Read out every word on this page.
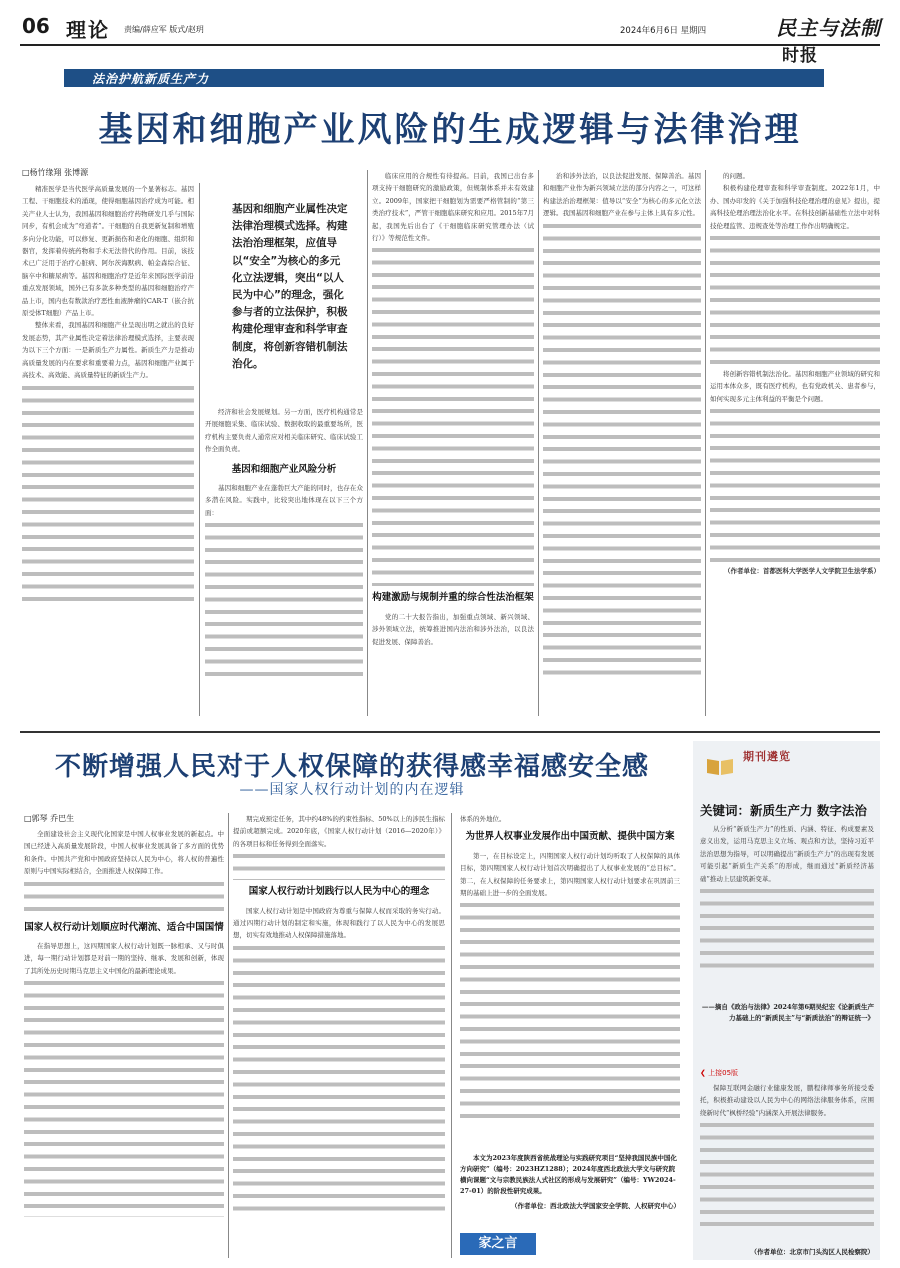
06 理论 责编/薛应军 版式/赵玥	2024年6月6日 星期四	民主与法制时报
法治护航新质生产力
基因和细胞产业风险的生成逻辑与法律治理
□杨竹缘翔 张博源

精准医学是当代医学高质量发展的一个显著标志。基因工程、干细胞技术的涌现，使得细胞基因治疗成为可能。相关产业人士认为，我国基因和细胞治疗药物研发几乎与国际同步，有机会成为“弯道者”。干细胞的自我更新复制和增殖多向分化功能，可以修复、更新损伤和老化的细胞、组织和器官，发挥着传统药物和手术无法替代的作用。目前，该技术已广泛用于治疗心脏病、阿尔茨海默病、帕金森综合征、脑卒中和糖尿病等。基因和细胞治疗是近年来国际医学前沿重点发展领域，国外已有多款多种类型的基因和细胞治疗产品上市，国内也有数款治疗恶性血液肿瘤的CAR-T（嵌合抗原受体T细胞）产品上市。

整体来看，我国基因和细胞产业呈现出明之就出的良好发展态势，其产业属性决定着法律治理模式选择，主要表现为以下三个方面：一是新质生产力属性。新质生产力是推动高质量发展的内在要求和重要着力点，基因和细胞产业属于高技术、高效能、高质量特征的新质生产力。

基因和细胞产业属性决定法律治理模式选择。构建法治治理框架，应值导以“安全”为核心的多元化立法逻辑，突出“以人民为中心”的理念，强化参与者的立法保护，积极构建伦理审查和科学审查制度，将创新容错机制法治化。

经济和社会发展规划。另一方面，医疗机构通常是开展细胞采集、临床试验、数据收取的最重要场所，医疗机构主要负责人通常应对相关临床研究、临床试验工作全面负责。

基因和细胞产业风险分析

基因和细胞产业在蓬勃巨大产能的同时，也存在众多潜在风险。实践中，比较突出地体现在以下三个方面：

临床应用的合规性有待提高。目前，我国已出台多项支持干细胞研究的激励政策，但规制体系并未有效建立。2009年，国家把干细胞划为需要严格管制的“第三类治疗技术”，严管干细胞临床研究和应用。2015年7月起，我国先后出台了《干细胞临床研究管理办法（试行）》等规范性文件。

构建激励与规制并重的综合性法治框架

党的二十大报告指出，加强重点领域、新兴领域、涉外领域立法，统筹推进国内法治和涉外法治，以良法促进发展、保障善治。

治和涉外法治，以良法促进发展、保障善治。基因和细胞产业作为新兴领域立法的部分内容之一，可这样构建法治治理框架：值导以“安全”为核心的多元化立法逻辑。我国基因和细胞产业在参与主体上具有多元性。

的问题。

积极构建伦理审查和科学审查制度。2022年1月，中办、国办印发的《关于加强科技伦理治理的意见》提出，提高科技伦理治理法治化水平。在科技创新基础性立法中对科技伦理监管、违规查处等治理工作作出明确规定。

将创新容错机制法治化。基因和细胞产业领域的研究和运用本体众多，既有医疗机构，也有党政机关、患者参与，如何实现多元主体利益的平衡是个问题。

（作者单位：首都医科大学医学人文学院卫生法学系）
不断增强人民对于人权保障的获得感幸福感安全感
——国家人权行动计划的内在逻辑
□郭琴 乔巴生

全面建设社会主义现代化国家是中国人权事业发展的新起点。中国已经进入高质量发展阶段，中国人权事业发展具备了多方面的优势和条件。中国共产党和中国政府坚持以人民为中心，将人权的普遍性原则与中国实际相结合，全面推进人权保障工作。

国家人权行动计划顺应时代潮流、适合中国国情

在指导思想上，这四期国家人权行动计划既一脉相承、又与时俱进，每一期行动计划都是对前一期的坚持、继承、发展和创新，体现了其所处历史时期马克思主义中国化的最新理论成果。

期完成预定任务，其中约48%的约束性指标、50%以上的涉民生指标提前或超额完成。2020年底，《国家人权行动计划（2016—2020年）》的各项目标和任务得到全面落实。

国家人权行动计划践行以人民为中心的理念

国家人权行动计划是中国政府为尊重与保障人权而采取的务实行动。通过四期行动计划的制定和实施，体现和践行了以人民为中心的发展思想，切实有效地推动人权保障措施落地。

体系的外地位。

为世界人权事业发展作出中国贡献、提供中国方案

第一，在目标设定上，四期国家人权行动计划均听取了人权保障的具体目标，第四期国家人权行动计划首次明确提出了人权事业发展的“总目标”。第二，在人权保障的任务要求上，第四期国家人权行动计划要求在巩固前三期的基础上进一步的全面发展。

本文为2023年度陕西省统战理论与实践研究项目“坚持我国民族中国化方向研究”（编号：2023HZ1288）；2024年度西北政法大学文与研究院横向课题“文与宗教民族法人式社区的形成与发展研究”（编号：YW2024-27-01）的阶段性研究成果。
（作者单位：西北政法大学国家安全学院、人权研究中心）
家之言
期刊遴览
关键词：新质生产力 数字法治

从分析“新质生产力”的性质、内涵、特征、构成要素及意义出发，运用马克思主义立场、观点和方法，坚持习近平法治思想为指导，可以明确提出“新质生产力”的出现有发展可能引起“新质生产关系”的形成，继而通过“新质经济基础”推动上层建筑新变革。

——摘自《政治与法律》2024年第6期吴纪宏《论新质生产力基础上的“新质民主”与“新质法治”的辩证统一》
❮ 上接05版

保障互联网金融行业健康发展，鹏程律师事务所接受委托，积极推动建设以人民为中心的网络法律服务体系，应围绕新时代“枫桥经验”内涵深入开展法律服务。

（作者单位：北京市门头沟区人民检察院）
